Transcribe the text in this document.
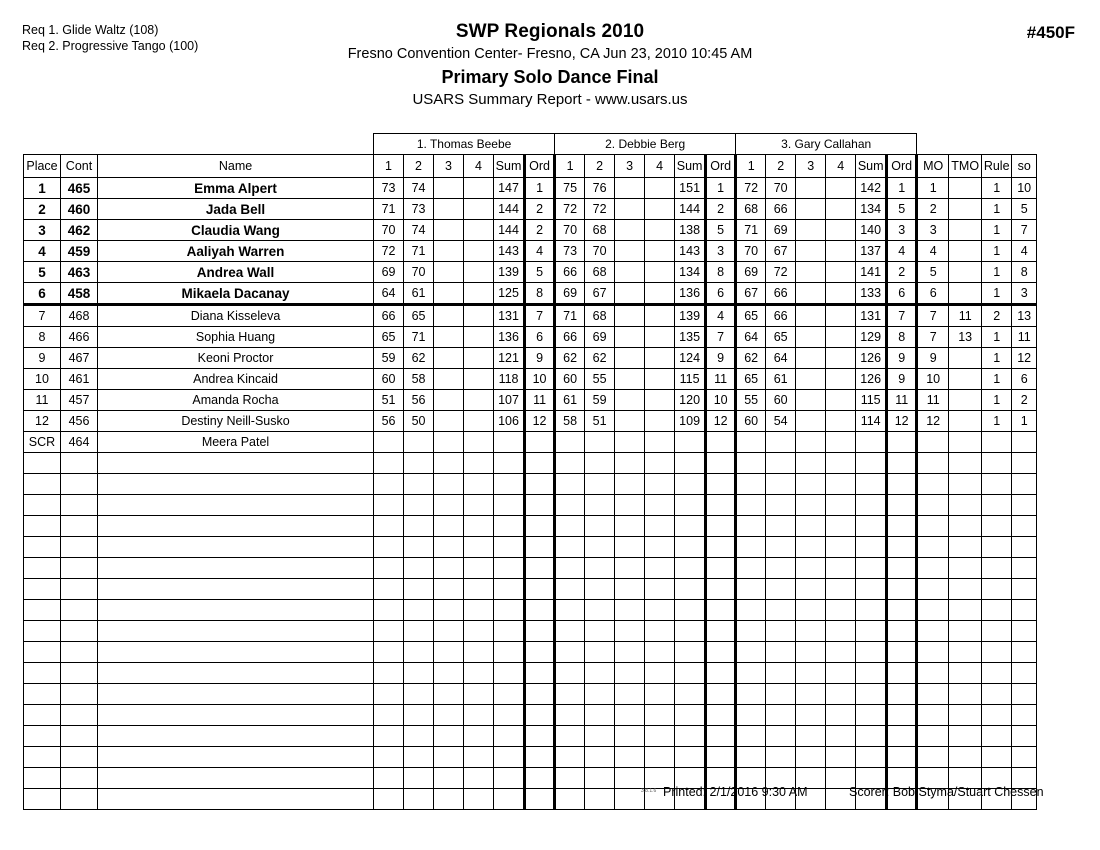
Req 1. Glide Waltz (108)
Req 2. Progressive Tango (100)
SWP Regionals 2010
Fresno Convention Center- Fresno, CA Jun 23, 2010 10:45 AM
Primary Solo Dance Final
USARS Summary Report - www.usars.us
#450F
			1. Thomas Beebe						2. Debbie Berg						3. Gary Callahan										
Place	Cont	Name	1	2	3	4	Sum	Ord	1	2	3	4	Sum	Ord	1	2	3	4	Sum	Ord	MO	TMO	Rule	so	
1	465	Emma Alpert	73	74			147	1	75	76			151	1	72	70			142	1	1		1	10	
2	460	Jada Bell	71	73			144	2	72	72			144	2	68	66			134	5	2		1	5	
3	462	Claudia Wang	70	74			144	2	70	68			138	5	71	69			140	3	3		1	7	
4	459	Aaliyah Warren	72	71			143	4	73	70			143	3	70	67			137	4	4		1	4	
5	463	Andrea Wall	69	70			139	5	66	68			134	8	69	72			141	2	5		1	8	
6	458	Mikaela Dacanay	64	61			125	8	69	67			136	6	67	66			133	6	6		1	3	
7	468	Diana Kisseleva	66	65			131	7	71	68			139	4	65	66			131	7	7	11	2	13	
8	466	Sophia Huang	65	71			136	6	66	69			135	7	64	65			129	8	7	13	1	11	
9	467	Keoni Proctor	59	62			121	9	62	62			124	9	62	64			126	9	9		1	12	
10	461	Andrea Kincaid	60	58			118	10	60	55			115	11	65	61			126	9	10		1	6	
11	457	Amanda Rocha	51	56			107	11	61	59			120	10	55	60			115	11	11		1	2	
12	456	Destiny Neill-Susko	56	50			106	12	58	51			109	12	60	54			114	12	12		1	1	
SCR	464	Meera Patel																							

3.8.1.6 Printed: 2/1/2016 9:30 AM	Scorer: Bob Styma/Stuart Chessen
